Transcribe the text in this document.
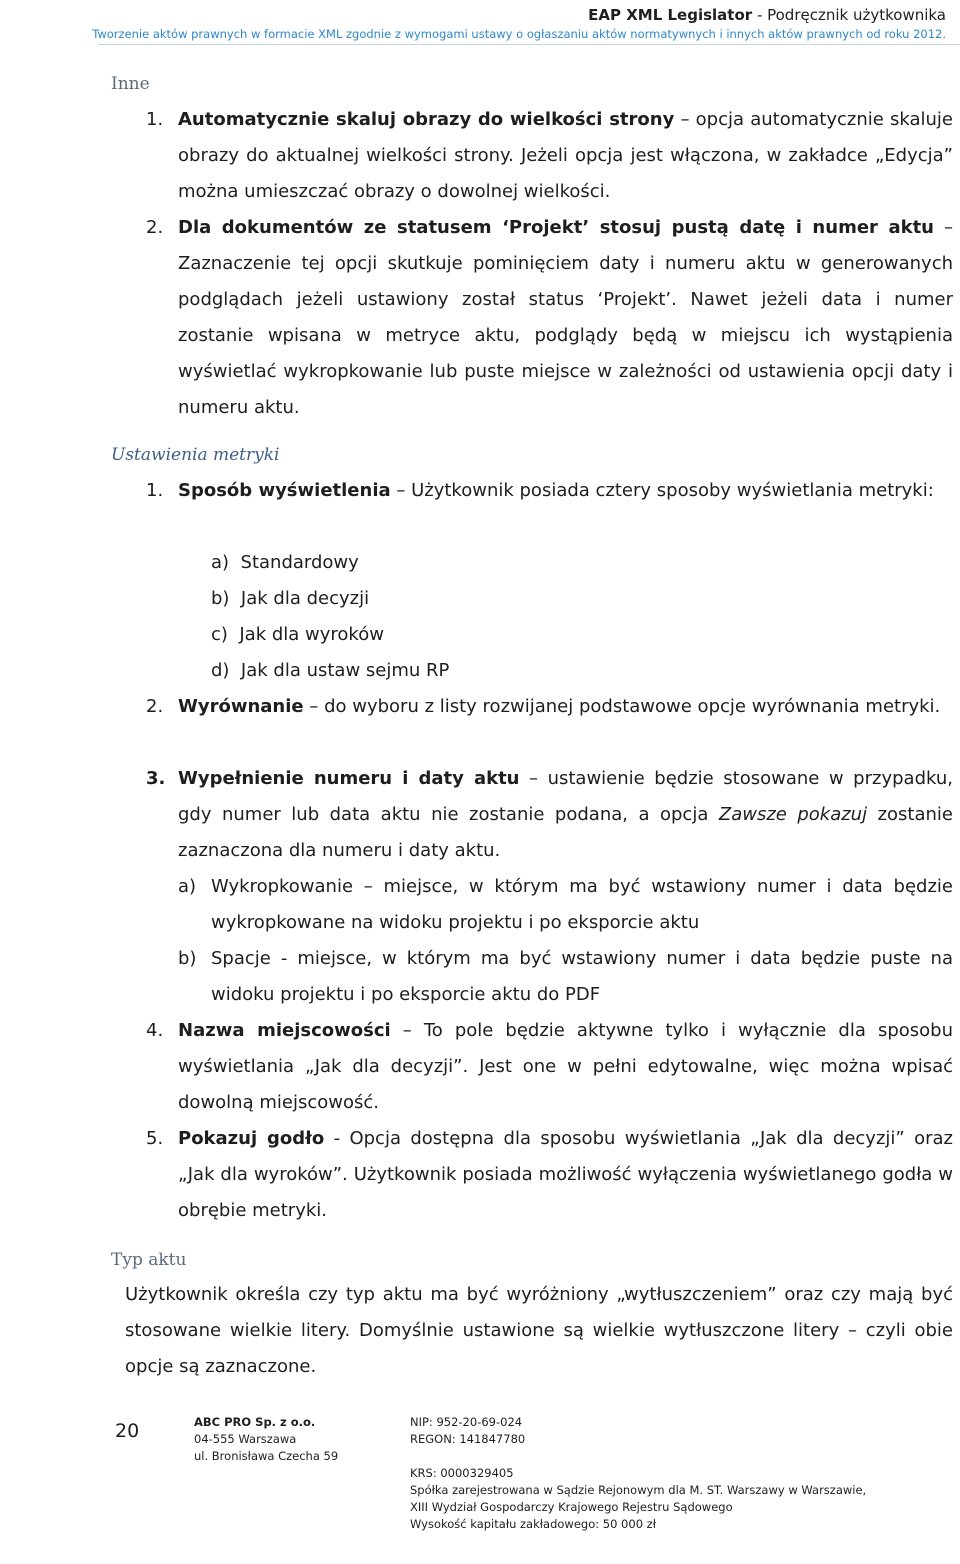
EAP XML Legislator - Podręcznik użytkownika
Tworzenie aktów prawnych w formacie XML zgodnie z wymogami ustawy o ogłaszaniu aktów normatywnych i innych aktów prawnych od roku 2012.
Inne
1. Automatycznie skaluj obrazy do wielkości strony – opcja automatycznie skaluje obrazy do aktualnej wielkości strony. Jeżeli opcja jest włączona, w zakładce „Edycja” można umieszczać obrazy o dowolnej wielkości.
2. Dla dokumentów ze statusem ‘Projekt’ stosuj pustą datę i numer aktu – Zaznaczenie tej opcji skutkuje pominięciem daty i numeru aktu w generowanych podglądach jeżeli ustawiony został status ‘Projekt’. Nawet jeżeli data i numer zostanie wpisana w metryce aktu, podglądy będą w miejscu ich wystąpienia wyświetlać wykropkowanie lub puste miejsce w zależności od ustawienia opcji daty i numeru aktu.
Ustawienia metryki
1. Sposób wyświetlenia – Użytkownik posiada cztery sposoby wyświetlania metryki:
a) Standardowy
b) Jak dla decyzji
c) Jak dla wyroków
d) Jak dla ustaw sejmu RP
2. Wyrównanie – do wyboru z listy rozwijanej podstawowe opcje wyrównania metryki.
3. Wypełnienie numeru i daty aktu – ustawienie będzie stosowane w przypadku, gdy numer lub data aktu nie zostanie podana, a opcja Zawsze pokazuj zostanie zaznaczona dla numeru i daty aktu.
a) Wykropkowanie – miejsce, w którym ma być wstawiony numer i data będzie wykropkowane na widoku projektu i po eksporcie aktu
b) Spacje - miejsce, w którym ma być wstawiony numer i data będzie puste na widoku projektu i po eksporcie aktu do PDF
4. Nazwa miejscowości – To pole będzie aktywne tylko i wyłącznie dla sposobu wyświetlania „Jak dla decyzji”. Jest one w pełni edytowalne, więc można wpisać dowolną miejscowość.
5. Pokazuj godło - Opcja dostępna dla sposobu wyświetlania „Jak dla decyzji” oraz „Jak dla wyroków”. Użytkownik posiada możliwość wyłączenia wyświetlanego godła w obrębie metryki.
Typ aktu
Użytkownik określa czy typ aktu ma być wyróżniony „wytłuszczeniem” oraz czy mają być stosowane wielkie litery. Domyślnie ustawione są wielkie wytłuszczone litery – czyli obie opcje są zaznaczone.
20	ABC PRO Sp. z o.o.
04-555 Warszawa
ul. Bronisława Czecha 59
NIP: 952-20-69-024
REGON: 141847780
KRS: 0000329405
Spółka zarejestrowana w Sądzie Rejonowym dla M. ST. Warszawy w Warszawie,
XIII Wydział Gospodarczy Krajowego Rejestru Sądowego
Wysokość kapitału zakładowego: 50 000 zł
